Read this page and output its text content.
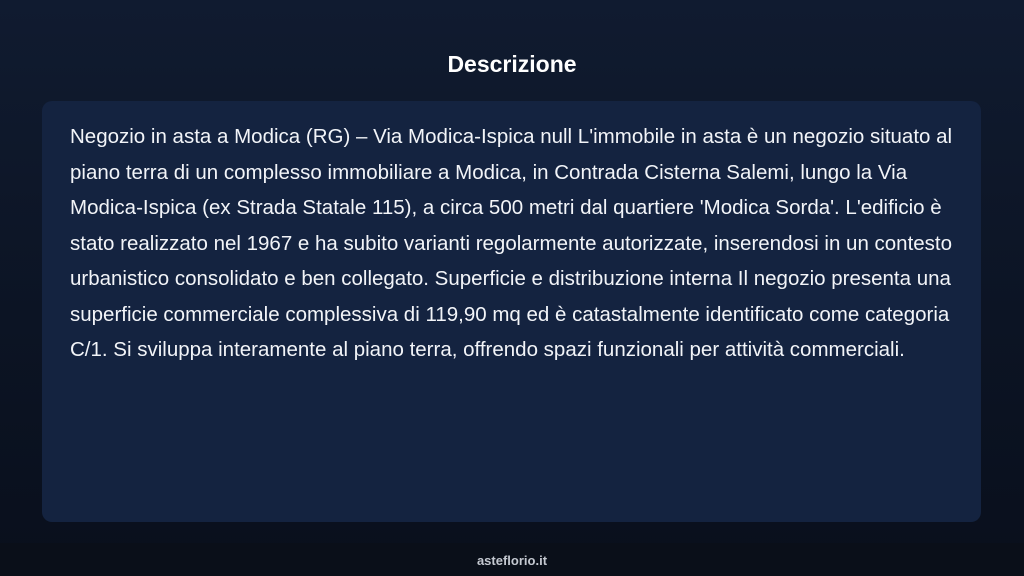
Descrizione

Negozio in asta a Modica (RG) – Via Modica-Ispica null L'immobile in asta è un negozio situato al piano terra di un complesso immobiliare a Modica, in Contrada Cisterna Salemi, lungo la Via Modica-Ispica (ex Strada Statale 115), a circa 500 metri dal quartiere 'Modica Sorda'. L'edificio è stato realizzato nel 1967 e ha subito varianti regolarmente autorizzate, inserendosi in un contesto urbanistico consolidato e ben collegato. Superficie e distribuzione interna Il negozio presenta una superficie commerciale complessiva di 119,90 mq ed è catastalmente identificato come categoria C/1. Si sviluppa interamente al piano terra, offrendo spazi funzionali per attività commerciali.

asteflorio.it
